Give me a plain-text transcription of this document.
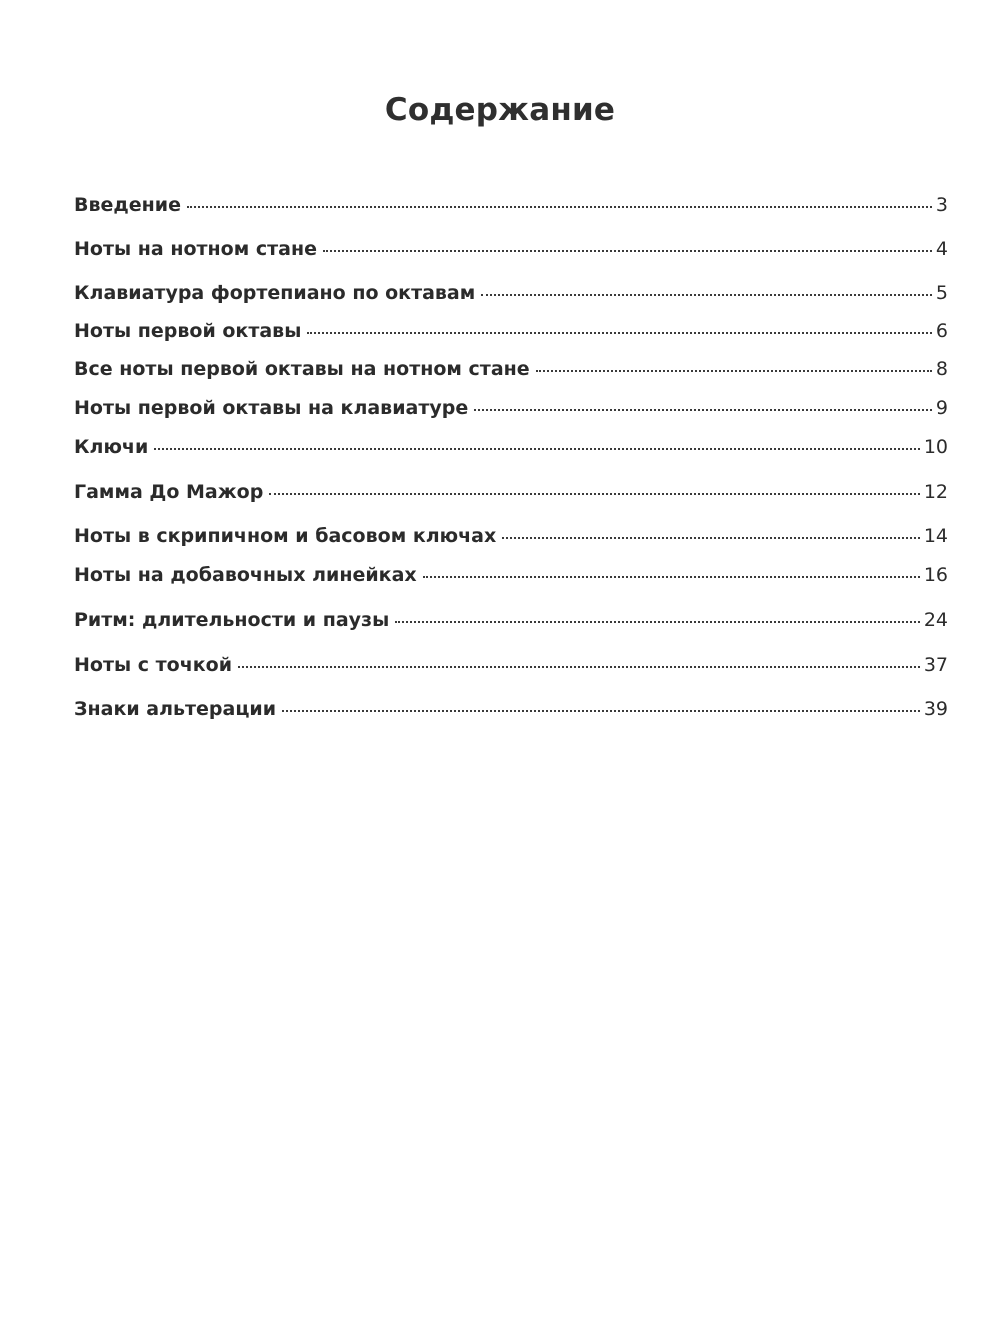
Содержание
Введение	3
Ноты на нотном стане	4
Клавиатура фортепиано по октавам	5
Ноты первой октавы	6
Все ноты первой октавы на нотном стане	8
Ноты первой октавы на клавиатуре	9
Ключи	10
Гамма До Мажор	12
Ноты в скрипичном и басовом ключах	14
Ноты на добавочных линейках	16
Ритм: длительности и паузы	24
Ноты с точкой	37
Знаки альтерации	39
